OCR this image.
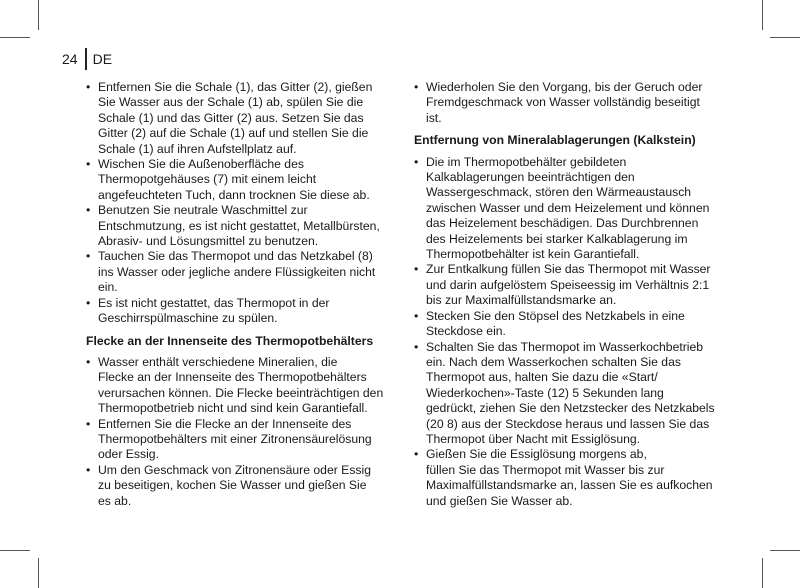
24 DE

• Entfernen Sie die Schale (1), das Gitter (2), gießen

Sie Wasser aus der Schale (1) ab, spülen Sie die

Schale (1) und das Gitter (2) aus. Setzen Sie das

Gitter (2) auf die Schale (1) auf und stellen Sie die

Schale (1) auf ihren Aufstellplatz auf.

• Wischen Sie die Außenoberfläche des

Thermopotgehäuses (7) mit einem leicht

angefeuchteten Tuch, dann trocknen Sie diese ab.

• Benutzen Sie neutrale Waschmittel zur

Entschmutzung, es ist nicht gestattet, Metallbürsten,

Abrasiv- und Lösungsmittel zu benutzen.

• Tauchen Sie das Thermopot und das Netzkabel (8)

ins Wasser oder jegliche andere Flüssigkeiten nicht

ein.

• Es ist nicht gestattet, das Thermopot in der

Geschirrspülmaschine zu spülen.

Flecke an der Innenseite des Thermopotbehälters

• Wasser enthält verschiedene Mineralien, die

Flecke an der Innenseite des Thermopotbehälters

verursachen können. Die Flecke beeinträchtigen den

Thermopotbetrieb nicht und sind kein Garantiefall.

• Entfernen Sie die Flecke an der Innenseite des

Thermopotbehälters mit einer Zitronensäurelösung

oder Essig.

• Um den Geschmack von Zitronensäure oder Essig

zu beseitigen, kochen Sie Wasser und gießen Sie

es ab.

• Wiederholen Sie den Vorgang, bis der Geruch oder

Fremdgeschmack von Wasser vollständig beseitigt

ist.

Entfernung von Mineralablagerungen (Kalkstein)

• Die im Thermopotbehälter gebildeten

Kalkablagerungen beeinträchtigen den

Wassergeschmack, stören den Wärmeaustausch

zwischen Wasser und dem Heizelement und können

das Heizelement beschädigen. Das Durchbrennen

des Heizelements bei starker Kalkablagerung im

Thermopotbehälter ist kein Garantiefall.

• Zur Entkalkung füllen Sie das Thermopot mit Wasser

und darin aufgelöstem Speiseessig im Verhältnis 2:1

bis zur Maximalfüllstandsmarke an.

• Stecken Sie den Stöpsel des Netzkabels in eine

Steckdose ein.

• Schalten Sie das Thermopot im Wasserkochbetrieb

ein. Nach dem Wasserkochen schalten Sie das

Thermopot aus, halten Sie dazu die «Start/

Wiederkochen»-Taste (12) 5 Sekunden lang

gedrückt, ziehen Sie den Netzstecker des Netzkabels

(20 8) aus der Steckdose heraus und lassen Sie das

Thermopot über Nacht mit Essiglösung.

• Gießen Sie die Essiglösung morgens ab,

füllen Sie das Thermopot mit Wasser bis zur

Maximalfüllstandsmarke an, lassen Sie es aufkochen

und gießen Sie Wasser ab.
